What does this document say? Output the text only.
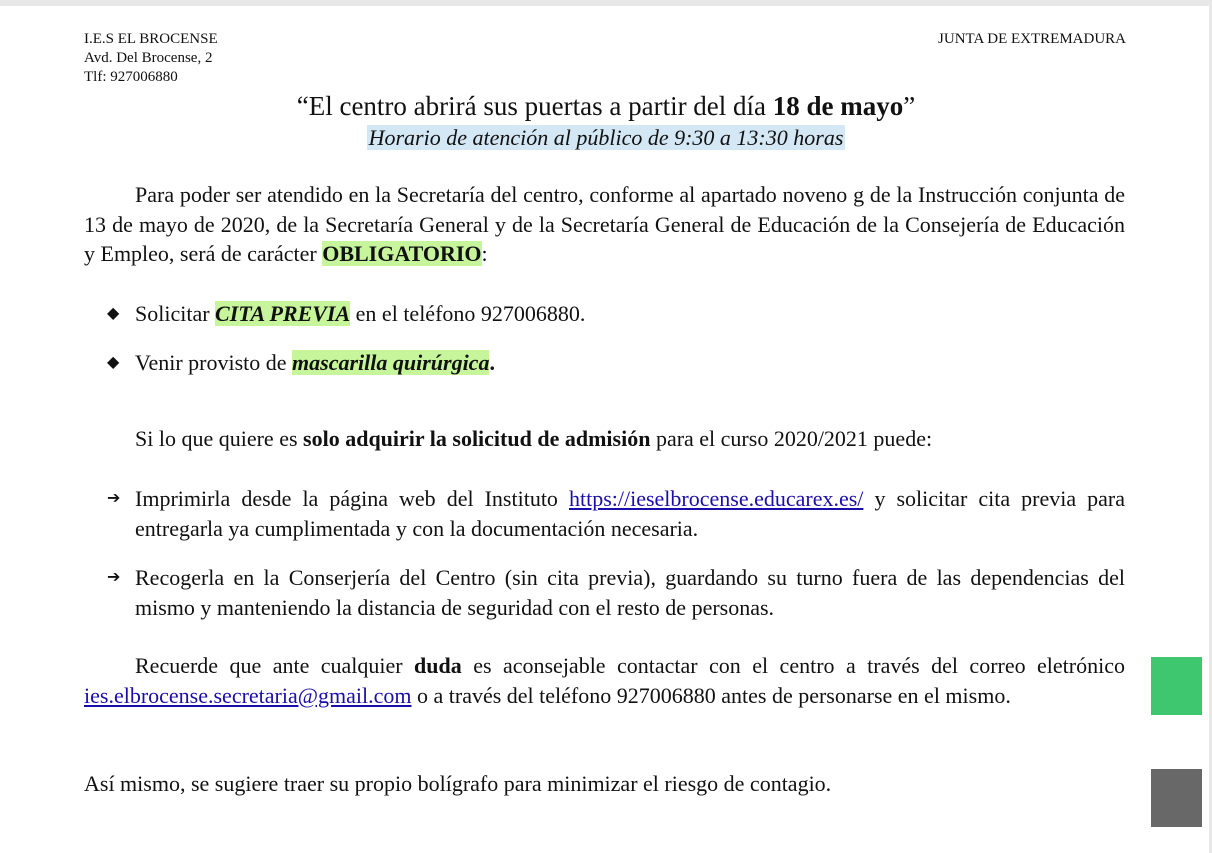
I.E.S EL BROCENSE
Avd. Del Brocense, 2
Tlf: 927006880
JUNTA DE EXTREMADURA
“El centro abrirá sus puertas a partir del día 18 de mayo”
Horario de atención al público de 9:30 a 13:30 horas
Para poder ser atendido en la Secretaría del centro, conforme al apartado noveno g de la Instrucción conjunta de 13 de mayo de 2020, de la Secretaría General y de la Secretaría General de Educación de la Consejería de Educación y Empleo, será de carácter OBLIGATORIO:
◆ Solicitar CITA PREVIA en el teléfono 927006880.
◆ Venir provisto de mascarilla quirúrgica.
Si lo que quiere es solo adquirir la solicitud de admisión para el curso 2020/2021 puede:
➔ Imprimirla desde la página web del Instituto https://ieselbrocense.educarex.es/ y solicitar cita previa para entregarla ya cumplimentada y con la documentación necesaria.
➔ Recogerla en la Conserjería del Centro (sin cita previa), guardando su turno fuera de las dependencias del mismo y manteniendo la distancia de seguridad con el resto de personas.
Recuerde que ante cualquier duda es aconsejable contactar con el centro a través del correo eletrónico ies.elbrocense.secretaria@gmail.com o a través del teléfono 927006880 antes de personarse en el mismo.
Así mismo, se sugiere traer su propio bolígrafo para minimizar el riesgo de contagio.
